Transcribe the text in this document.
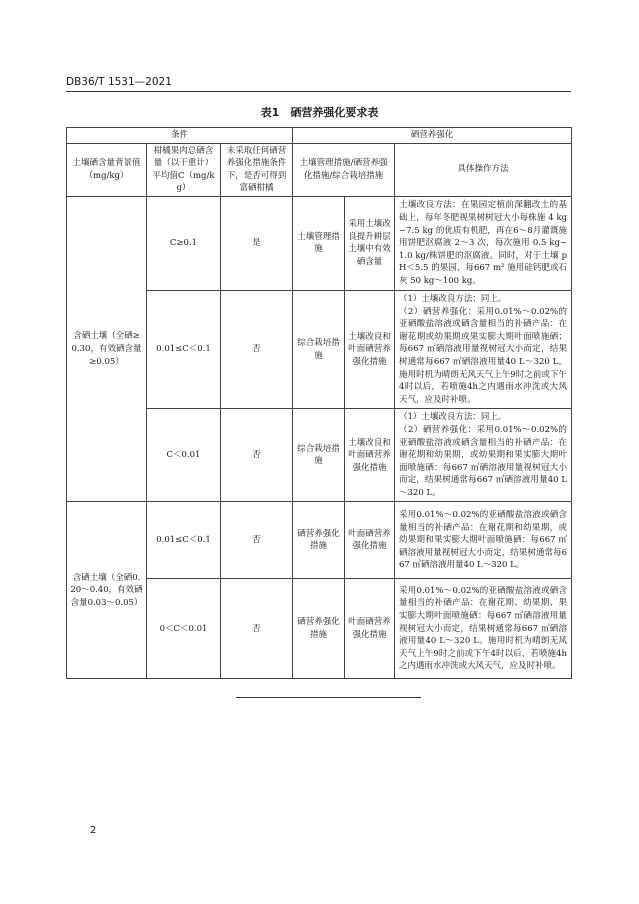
DB36/T 1531—2021
表1　硒营养强化要求表
条件			硒营养强化		
土壤硒含量背景值（mg/kg）	柑橘果肉总硒含量（以干重计）平均值C（mg/kg）	未采取任何硒营养强化措施条件下，是否可得到富硒柑橘	土壤管理措施/硒营养强化措施/综合栽培措施		具体操作方法
含硒土壤（全硒≥0.30，有效硒含量≥0.05）	C≥0.1	是	土壤管理措施	采用土壤改良提升耕层土壤中有效硒含量	土壤改良方法：在果园定植前深翻改土的基础上，每年冬肥视果树树冠大小每株施 4 kg~7.5 kg 的优质有机肥，再在6～8月灌溉施用饼肥沤腐液 2～3 次，每次施用 0.5 kg~1.0 kg/株饼肥的沤腐液。同时，对于土壤 pH＜5.5 的果园，每667 m² 施用硅钙肥或石灰 50 kg～100 kg。
	0.01≤C＜0.1	否	综合栽培措施	土壤改良和叶面硒营养强化措施	（1）土壤改良方法：同上。
（2）硒营养强化：采用0.01%～0.02%的亚硒酸盐溶液或硒含量相当的补硒产品：在谢花期或幼果期或果实膨大期叶面喷施硒；每667 ㎡硒溶液用量视树冠大小而定，结果树通常每667 ㎡硒溶液用量40 L～320 L。施用时机为晴朗无风天气上午9时之前或下午4时以后，若喷施4h之内遇雨水冲洗或大风天气，应及时补喷。

	C＜0.01	否	综合栽培措施	土壤改良和叶面硒营养强化措施	（1）土壤改良方法：同上。
（2）硒营养强化：采用0.01%～0.02%的亚硒酸盐溶液或硒含量相当的补硒产品：在谢花期和幼果期，或幼果期和果实膨大期叶面喷施硒：每667 ㎡硒溶液用量视树冠大小而定，结果树通常每667 ㎡硒溶液用量40 L～320 L。

含硒土壤（全硒0.20～0.40，有效硒含量0.03～0.05）	0.01≤C＜0.1	否	硒营养强化措施	叶面硒营养强化措施	采用0.01%～0.02%的亚硒酸盐溶液或硒含量相当的补硒产品：在谢花期和幼果期，或幼果期和果实膨大期叶面喷施硒：每667 ㎡硒溶液用量视树冠大小而定，结果树通常每667 ㎡硒溶液用量40 L～320 L。
	0＜C＜0.01	否	硒营养强化措施	叶面硒营养强化措施	采用0.01%～0.02%的亚硒酸盐溶液或硒含量相当的补硒产品：在谢花期、幼果期、果实膨大期叶面喷施硒：每667 ㎡硒溶液用量视树冠大小而定，结果树通常每667 ㎡硒溶液用量40 L～320 L。施用时机为晴朗无风天气上午9时之前或下午4时以后，若喷施4h之内遇雨水冲洗或大风天气，应及时补喷。
2
